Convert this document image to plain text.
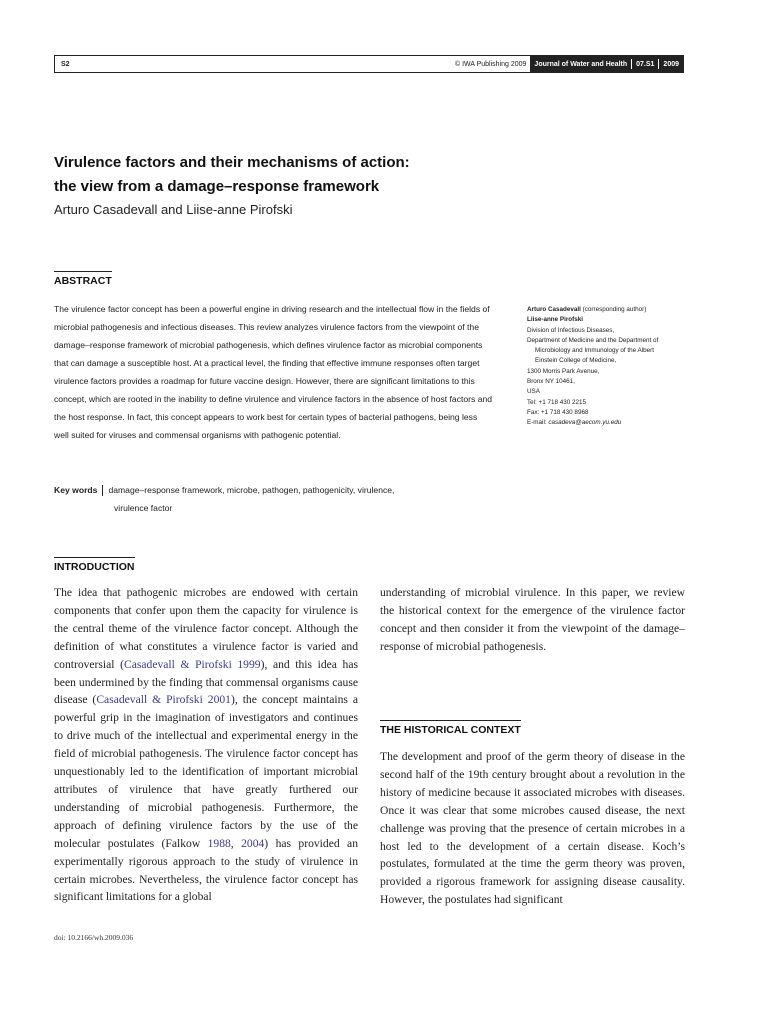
S2	© IWA Publishing 2009	Journal of Water and Health 07.S1 2009
Virulence factors and their mechanisms of action:
the view from a damage–response framework
Arturo Casadevall and Liise-anne Pirofski
ABSTRACT
The virulence factor concept has been a powerful engine in driving research and the intellectual flow in the fields of microbial pathogenesis and infectious diseases. This review analyzes virulence factors from the viewpoint of the damage–response framework of microbial pathogenesis, which defines virulence factor as microbial components that can damage a susceptible host. At a practical level, the finding that effective immune responses often target virulence factors provides a roadmap for future vaccine design. However, there are significant limitations to this concept, which are rooted in the inability to define virulence and virulence factors in the absence of host factors and the host response. In fact, this concept appears to work best for certain types of bacterial pathogens, being less well suited for viruses and commensal organisms with pathogenic potential.
Key words damage–response framework, microbe, pathogen, pathogenicity, virulence,
virulence factor
Arturo Casadevall (corresponding author)
Liise-anne Pirofski
Division of Infectious Diseases,
Department of Medicine and the Department of
Microbiology and Immunology of the Albert
Einstein College of Medicine,
1300 Morris Park Avenue,
Bronx NY 10461,
USA
Tel: +1 718 430 2215
Fax: +1 718 430 8968
E-mail: casadeva@aecom.yu.edu
INTRODUCTION
The idea that pathogenic microbes are endowed with certain components that confer upon them the capacity for virulence is the central theme of the virulence factor concept. Although the definition of what constitutes a virulence factor is varied and controversial (Casadevall & Pirofski 1999), and this idea has been undermined by the finding that commensal organisms cause disease (Casadevall & Pirofski 2001), the concept maintains a powerful grip in the imagination of investigators and continues to drive much of the intellectual and experimental energy in the field of microbial pathogenesis. The virulence factor concept has unquestionably led to the identification of important microbial attributes of virulence that have greatly furthered our understanding of microbial pathogenesis. Furthermore, the approach of defining virulence factors by the use of the molecular postulates (Falkow 1988, 2004) has provided an experimentally rigorous approach to the study of virulence in certain microbes. Nevertheless, the virulence factor concept has significant limitations for a global
understanding of microbial virulence. In this paper, we review the historical context for the emergence of the virulence factor concept and then consider it from the viewpoint of the damage–response of microbial pathogenesis.
THE HISTORICAL CONTEXT
The development and proof of the germ theory of disease in the second half of the 19th century brought about a revolution in the history of medicine because it associated microbes with diseases. Once it was clear that some microbes caused disease, the next challenge was proving that the presence of certain microbes in a host led to the development of a certain disease. Koch’s postulates, formulated at the time the germ theory was proven, provided a rigorous framework for assigning disease causality. However, the postulates had significant
doi: 10.2166/wh.2009.036
